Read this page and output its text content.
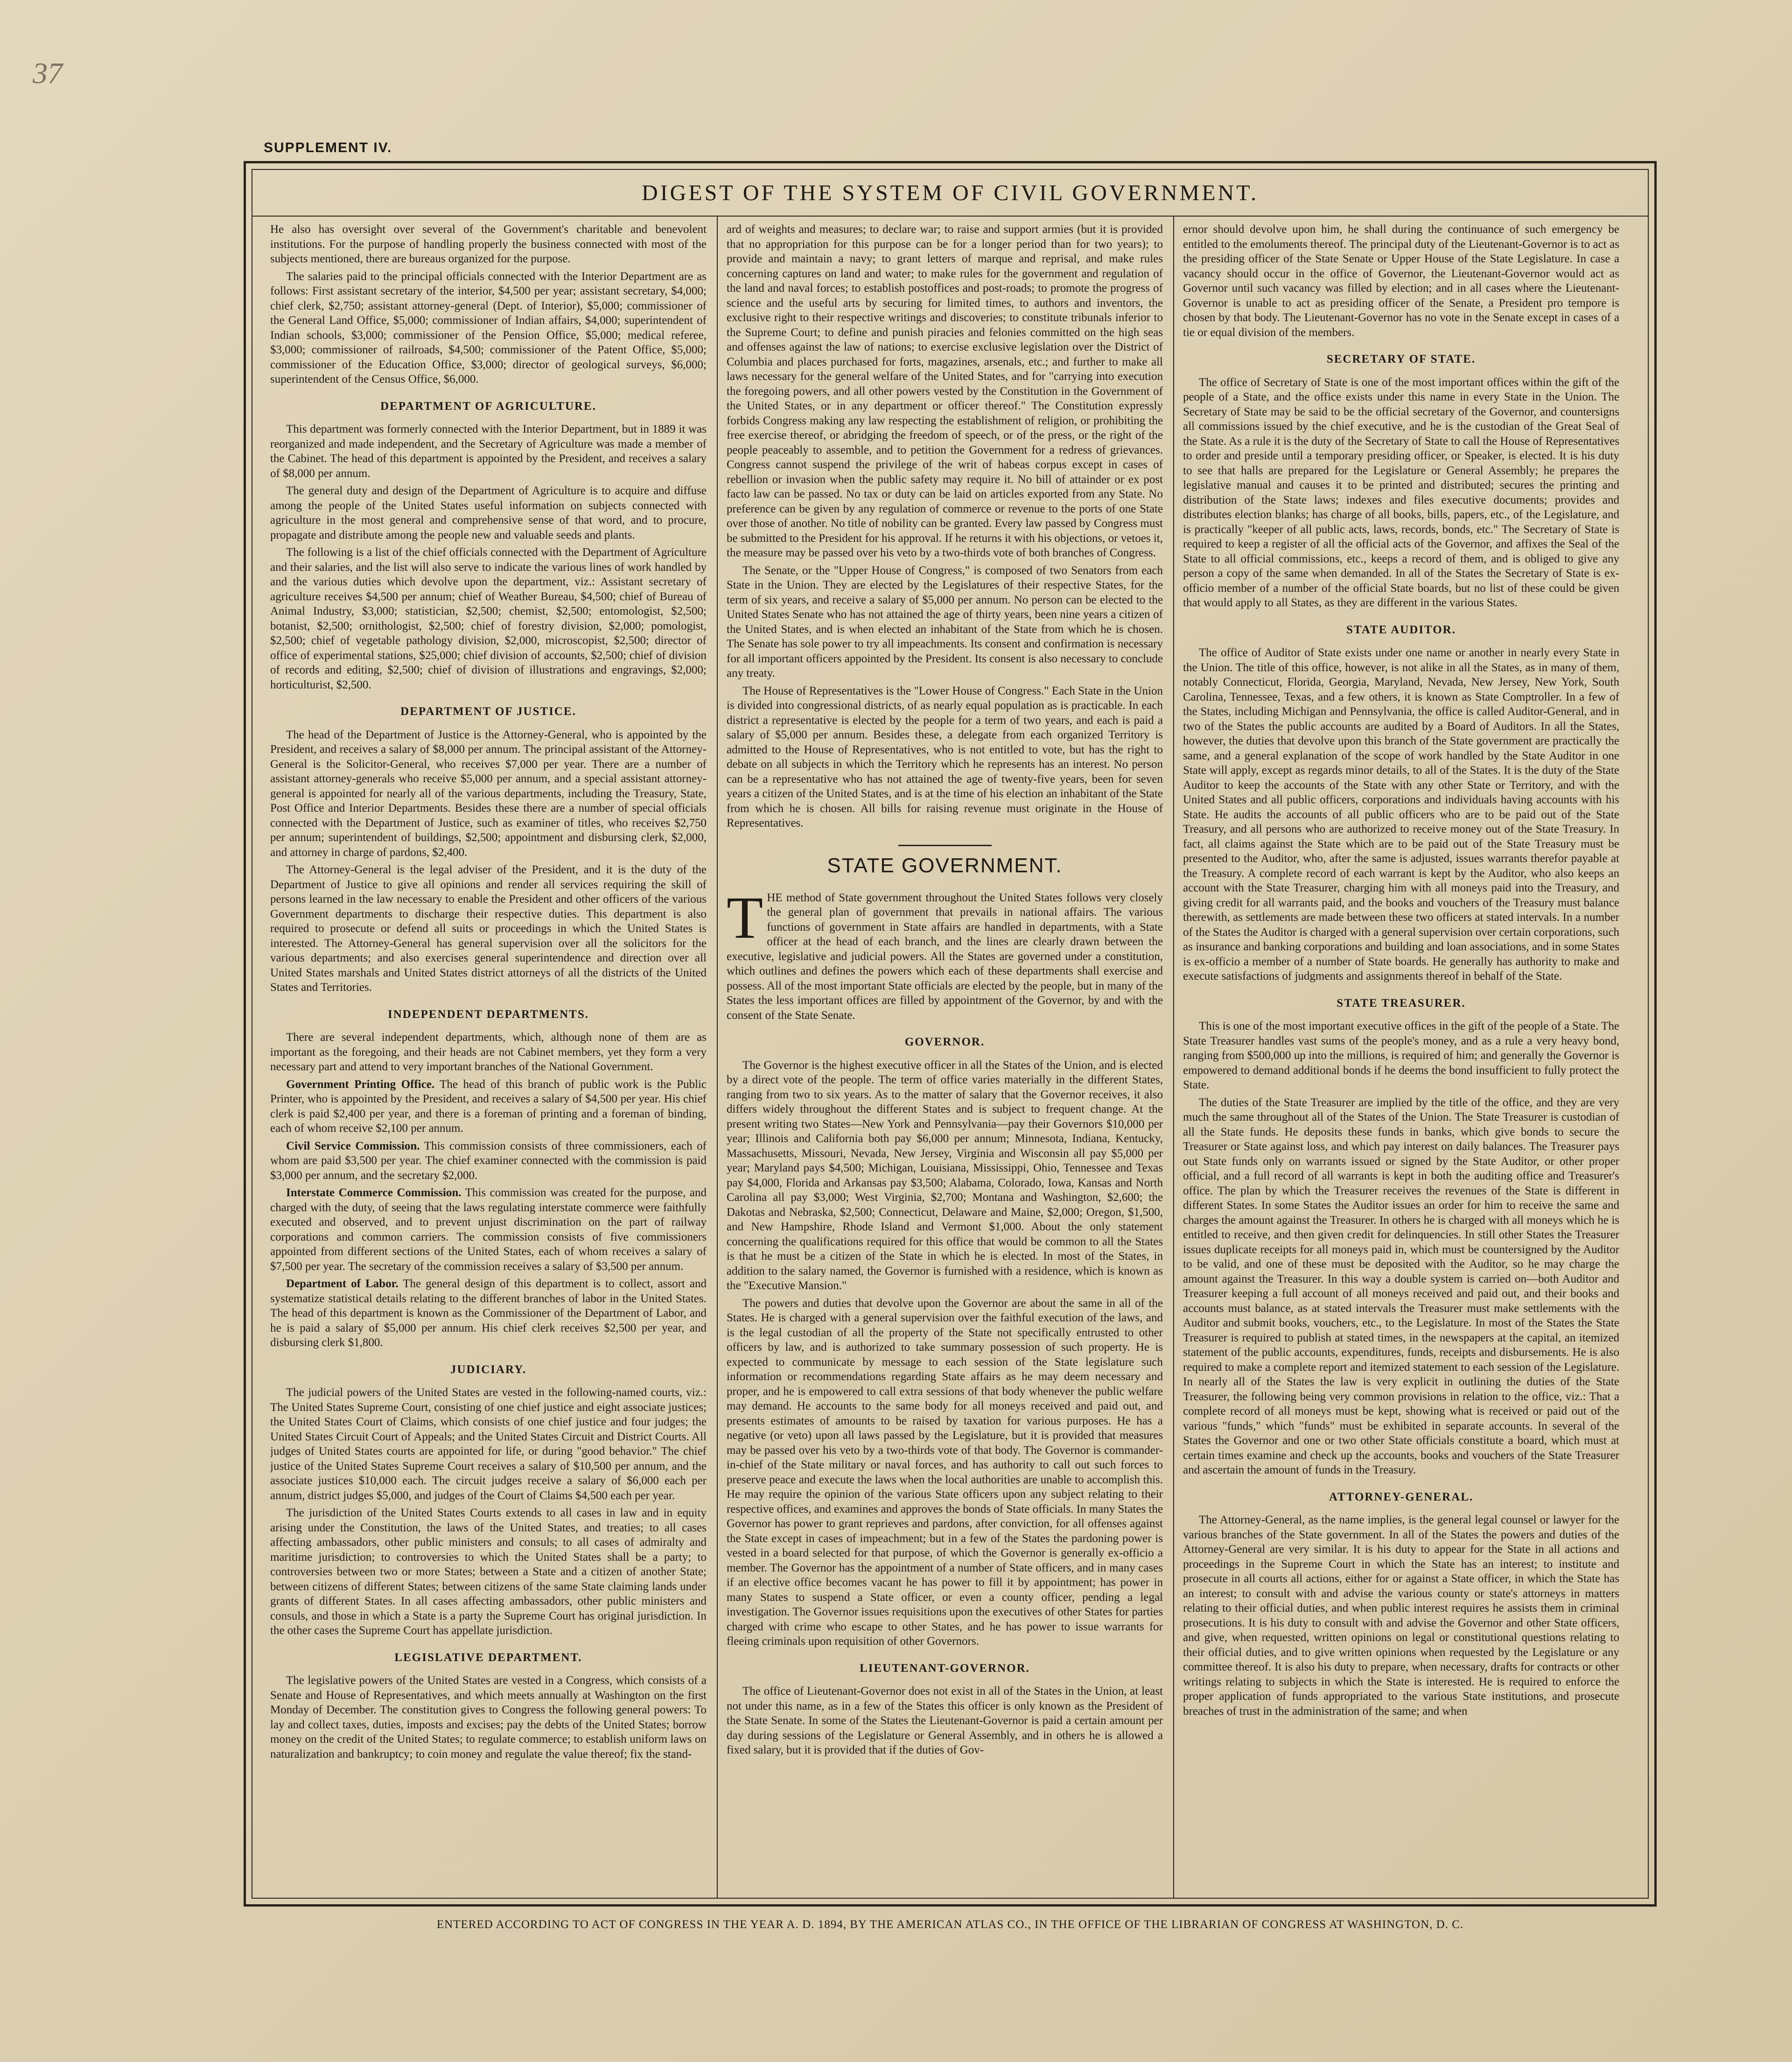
37
SUPPLEMENT IV.
DIGEST OF THE SYSTEM OF CIVIL GOVERNMENT.

He also has oversight over several of the Government's charitable and benevolent institutions. For the purpose of handling properly the business connected with most of the subjects mentioned, there are bureaus organized for the purpose.

The salaries paid to the principal officials connected with the Interior Department are as follows: First assistant secretary of the interior, $4,500 per year; assistant secretary, $4,000; chief clerk, $2,750; assistant attorney-general (Dept. of Interior), $5,000; commissioner of the General Land Office, $5,000; commissioner of Indian affairs, $4,000; superintendent of Indian schools, $3,000; commissioner of the Pension Office, $5,000; medical referee, $3,000; commissioner of railroads, $4,500; commissioner of the Patent Office, $5,000; commissioner of the Education Office, $3,000; director of geological surveys, $6,000; superintendent of the Census Office, $6,000.

DEPARTMENT OF AGRICULTURE.

This department was formerly connected with the Interior Department, but in 1889 it was reorganized and made independent, and the Secretary of Agriculture was made a member of the Cabinet. The head of this department is appointed by the President, and receives a salary of $8,000 per annum.

The general duty and design of the Department of Agriculture is to acquire and diffuse among the people of the United States useful information on subjects connected with agriculture in the most general and comprehensive sense of that word, and to procure, propagate and distribute among the people new and valuable seeds and plants.

The following is a list of the chief officials connected with the Department of Agriculture and their salaries, and the list will also serve to indicate the various lines of work handled by and the various duties which devolve upon the department, viz.: Assistant secretary of agriculture receives $4,500 per annum; chief of Weather Bureau, $4,500; chief of Bureau of Animal Industry, $3,000; statistician, $2,500; chemist, $2,500; entomologist, $2,500; botanist, $2,500; ornithologist, $2,500; chief of forestry division, $2,000; pomologist, $2,500; chief of vegetable pathology division, $2,000, microscopist, $2,500; director of office of experimental stations, $25,000; chief division of accounts, $2,500; chief of division of records and editing, $2,500; chief of division of illustrations and engravings, $2,000; horticulturist, $2,500.

DEPARTMENT OF JUSTICE.

The head of the Department of Justice is the Attorney-General, who is appointed by the President, and receives a salary of $8,000 per annum. The principal assistant of the Attorney-General is the Solicitor-General, who receives $7,000 per year. There are a number of assistant attorney-generals who receive $5,000 per annum, and a special assistant attorney-general is appointed for nearly all of the various departments, including the Treasury, State, Post Office and Interior Departments. Besides these there are a number of special officials connected with the Department of Justice, such as examiner of titles, who receives $2,750 per annum; superintendent of buildings, $2,500; appointment and disbursing clerk, $2,000, and attorney in charge of pardons, $2,400.

The Attorney-General is the legal adviser of the President, and it is the duty of the Department of Justice to give all opinions and render all services requiring the skill of persons learned in the law necessary to enable the President and other officers of the various Government departments to discharge their respective duties. This department is also required to prosecute or defend all suits or proceedings in which the United States is interested. The Attorney-General has general supervision over all the solicitors for the various departments; and also exercises general superintendence and direction over all United States marshals and United States district attorneys of all the districts of the United States and Territories.

INDEPENDENT DEPARTMENTS.

There are several independent departments, which, although none of them are as important as the foregoing, and their heads are not Cabinet members, yet they form a very necessary part and attend to very important branches of the National Government.

Government Printing Office. The head of this branch of public work is the Public Printer, who is appointed by the President, and receives a salary of $4,500 per year. His chief clerk is paid $2,400 per year, and there is a foreman of printing and a foreman of binding, each of whom receive $2,100 per annum.

Civil Service Commission. This commission consists of three commissioners, each of whom are paid $3,500 per year. The chief examiner connected with the commission is paid $3,000 per annum, and the secretary $2,000.

Interstate Commerce Commission. This commission was created for the purpose, and charged with the duty, of seeing that the laws regulating interstate commerce were faithfully executed and observed, and to prevent unjust discrimination on the part of railway corporations and common carriers. The commission consists of five commissioners appointed from different sections of the United States, each of whom receives a salary of $7,500 per year. The secretary of the commission receives a salary of $3,500 per annum.

Department of Labor. The general design of this department is to collect, assort and systematize statistical details relating to the different branches of labor in the United States. The head of this department is known as the Commissioner of the Department of Labor, and he is paid a salary of $5,000 per annum. His chief clerk receives $2,500 per year, and disbursing clerk $1,800.

JUDICIARY.

The judicial powers of the United States are vested in the following-named courts, viz.: The United States Supreme Court, consisting of one chief justice and eight associate justices; the United States Court of Claims, which consists of one chief justice and four judges; the United States Circuit Court of Appeals; and the United States Circuit and District Courts. All judges of United States courts are appointed for life, or during "good behavior." The chief justice of the United States Supreme Court receives a salary of $10,500 per annum, and the associate justices $10,000 each. The circuit judges receive a salary of $6,000 each per annum, district judges $5,000, and judges of the Court of Claims $4,500 each per year.

The jurisdiction of the United States Courts extends to all cases in law and in equity arising under the Constitution, the laws of the United States, and treaties; to all cases affecting ambassadors, other public ministers and consuls; to all cases of admiralty and maritime jurisdiction; to controversies to which the United States shall be a party; to controversies between two or more States; between a State and a citizen of another State; between citizens of different States; between citizens of the same State claiming lands under grants of different States. In all cases affecting ambassadors, other public ministers and consuls, and those in which a State is a party the Supreme Court has original jurisdiction. In the other cases the Supreme Court has appellate jurisdiction.

LEGISLATIVE DEPARTMENT.

The legislative powers of the United States are vested in a Congress, which consists of a Senate and House of Representatives, and which meets annually at Washington on the first Monday of December. The constitution gives to Congress the following general powers: To lay and collect taxes, duties, imposts and excises; pay the debts of the United States; borrow money on the credit of the United States; to regulate commerce; to establish uniform laws on naturalization and bankruptcy; to coin money and regulate the value thereof; fix the stand-

ard of weights and measures; to declare war; to raise and support armies (but it is provided that no appropriation for this purpose can be for a longer period than for two years); to provide and maintain a navy; to grant letters of marque and reprisal, and make rules concerning captures on land and water; to make rules for the government and regulation of the land and naval forces; to establish postoffices and post-roads; to promote the progress of science and the useful arts by securing for limited times, to authors and inventors, the exclusive right to their respective writings and discoveries; to constitute tribunals inferior to the Supreme Court; to define and punish piracies and felonies committed on the high seas and offenses against the law of nations; to exercise exclusive legislation over the District of Columbia and places purchased for forts, magazines, arsenals, etc.; and further to make all laws necessary for the general welfare of the United States, and for "carrying into execution the foregoing powers, and all other powers vested by the Constitution in the Government of the United States, or in any department or officer thereof." The Constitution expressly forbids Congress making any law respecting the establishment of religion, or prohibiting the free exercise thereof, or abridging the freedom of speech, or of the press, or the right of the people peaceably to assemble, and to petition the Government for a redress of grievances. Congress cannot suspend the privilege of the writ of habeas corpus except in cases of rebellion or invasion when the public safety may require it. No bill of attainder or ex post facto law can be passed. No tax or duty can be laid on articles exported from any State. No preference can be given by any regulation of commerce or revenue to the ports of one State over those of another. No title of nobility can be granted. Every law passed by Congress must be submitted to the President for his approval. If he returns it with his objections, or vetoes it, the measure may be passed over his veto by a two-thirds vote of both branches of Congress.

The Senate, or the "Upper House of Congress," is composed of two Senators from each State in the Union. They are elected by the Legislatures of their respective States, for the term of six years, and receive a salary of $5,000 per annum. No person can be elected to the United States Senate who has not attained the age of thirty years, been nine years a citizen of the United States, and is when elected an inhabitant of the State from which he is chosen. The Senate has sole power to try all impeachments. Its consent and confirmation is necessary for all important officers appointed by the President. Its consent is also necessary to conclude any treaty.

The House of Representatives is the "Lower House of Congress." Each State in the Union is divided into congressional districts, of as nearly equal population as is practicable. In each district a representative is elected by the people for a term of two years, and each is paid a salary of $5,000 per annum. Besides these, a delegate from each organized Territory is admitted to the House of Representatives, who is not entitled to vote, but has the right to debate on all subjects in which the Territory which he represents has an interest. No person can be a representative who has not attained the age of twenty-five years, been for seven years a citizen of the United States, and is at the time of his election an inhabitant of the State from which he is chosen. All bills for raising revenue must originate in the House of Representatives.

STATE GOVERNMENT.

THE method of State government throughout the United States follows very closely the general plan of government that prevails in national affairs. The various functions of government in State affairs are handled in departments, with a State officer at the head of each branch, and the lines are clearly drawn between the executive, legislative and judicial powers. All the States are governed under a constitution, which outlines and defines the powers which each of these departments shall exercise and possess. All of the most important State officials are elected by the people, but in many of the States the less important offices are filled by appointment of the Governor, by and with the consent of the State Senate.

GOVERNOR.

The Governor is the highest executive officer in all the States of the Union, and is elected by a direct vote of the people. The term of office varies materially in the different States, ranging from two to six years. As to the matter of salary that the Governor receives, it also differs widely throughout the different States and is subject to frequent change. At the present writing two States—New York and Pennsylvania—pay their Governors $10,000 per year; Illinois and California both pay $6,000 per annum; Minnesota, Indiana, Kentucky, Massachusetts, Missouri, Nevada, New Jersey, Virginia and Wisconsin all pay $5,000 per year; Maryland pays $4,500; Michigan, Louisiana, Mississippi, Ohio, Tennessee and Texas pay $4,000, Florida and Arkansas pay $3,500; Alabama, Colorado, Iowa, Kansas and North Carolina all pay $3,000; West Virginia, $2,700; Montana and Washington, $2,600; the Dakotas and Nebraska, $2,500; Connecticut, Delaware and Maine, $2,000; Oregon, $1,500, and New Hampshire, Rhode Island and Vermont $1,000. About the only statement concerning the qualifications required for this office that would be common to all the States is that he must be a citizen of the State in which he is elected. In most of the States, in addition to the salary named, the Governor is furnished with a residence, which is known as the "Executive Mansion."

The powers and duties that devolve upon the Governor are about the same in all of the States. He is charged with a general supervision over the faithful execution of the laws, and is the legal custodian of all the property of the State not specifically entrusted to other officers by law, and is authorized to take summary possession of such property. He is expected to communicate by message to each session of the State legislature such information or recommendations regarding State affairs as he may deem necessary and proper, and he is empowered to call extra sessions of that body whenever the public welfare may demand. He accounts to the same body for all moneys received and paid out, and presents estimates of amounts to be raised by taxation for various purposes. He has a negative (or veto) upon all laws passed by the Legislature, but it is provided that measures may be passed over his veto by a two-thirds vote of that body. The Governor is commander-in-chief of the State military or naval forces, and has authority to call out such forces to preserve peace and execute the laws when the local authorities are unable to accomplish this. He may require the opinion of the various State officers upon any subject relating to their respective offices, and examines and approves the bonds of State officials. In many States the Governor has power to grant reprieves and pardons, after conviction, for all offenses against the State except in cases of impeachment; but in a few of the States the pardoning power is vested in a board selected for that purpose, of which the Governor is generally ex-officio a member. The Governor has the appointment of a number of State officers, and in many cases if an elective office becomes vacant he has power to fill it by appointment; has power in many States to suspend a State officer, or even a county officer, pending a legal investigation. The Governor issues requisitions upon the executives of other States for parties charged with crime who escape to other States, and he has power to issue warrants for fleeing criminals upon requisition of other Governors.

LIEUTENANT-GOVERNOR.

The office of Lieutenant-Governor does not exist in all of the States in the Union, at least not under this name, as in a few of the States this officer is only known as the President of the State Senate. In some of the States the Lieutenant-Governor is paid a certain amount per day during sessions of the Legislature or General Assembly, and in others he is allowed a fixed salary, but it is provided that if the duties of Gov-

ernor should devolve upon him, he shall during the continuance of such emergency be entitled to the emoluments thereof. The principal duty of the Lieutenant-Governor is to act as the presiding officer of the State Senate or Upper House of the State Legislature. In case a vacancy should occur in the office of Governor, the Lieutenant-Governor would act as Governor until such vacancy was filled by election; and in all cases where the Lieutenant-Governor is unable to act as presiding officer of the Senate, a President pro tempore is chosen by that body. The Lieutenant-Governor has no vote in the Senate except in cases of a tie or equal division of the members.

SECRETARY OF STATE.

The office of Secretary of State is one of the most important offices within the gift of the people of a State, and the office exists under this name in every State in the Union. The Secretary of State may be said to be the official secretary of the Governor, and countersigns all commissions issued by the chief executive, and he is the custodian of the Great Seal of the State. As a rule it is the duty of the Secretary of State to call the House of Representatives to order and preside until a temporary presiding officer, or Speaker, is elected. It is his duty to see that halls are prepared for the Legislature or General Assembly; he prepares the legislative manual and causes it to be printed and distributed; secures the printing and distribution of the State laws; indexes and files executive documents; provides and distributes election blanks; has charge of all books, bills, papers, etc., of the Legislature, and is practically "keeper of all public acts, laws, records, bonds, etc." The Secretary of State is required to keep a register of all the official acts of the Governor, and affixes the Seal of the State to all official commissions, etc., keeps a record of them, and is obliged to give any person a copy of the same when demanded. In all of the States the Secretary of State is ex-officio member of a number of the official State boards, but no list of these could be given that would apply to all States, as they are different in the various States.

STATE AUDITOR.

The office of Auditor of State exists under one name or another in nearly every State in the Union. The title of this office, however, is not alike in all the States, as in many of them, notably Connecticut, Florida, Georgia, Maryland, Nevada, New Jersey, New York, South Carolina, Tennessee, Texas, and a few others, it is known as State Comptroller. In a few of the States, including Michigan and Pennsylvania, the office is called Auditor-General, and in two of the States the public accounts are audited by a Board of Auditors. In all the States, however, the duties that devolve upon this branch of the State government are practically the same, and a general explanation of the scope of work handled by the State Auditor in one State will apply, except as regards minor details, to all of the States. It is the duty of the State Auditor to keep the accounts of the State with any other State or Territory, and with the United States and all public officers, corporations and individuals having accounts with his State. He audits the accounts of all public officers who are to be paid out of the State Treasury, and all persons who are authorized to receive money out of the State Treasury. In fact, all claims against the State which are to be paid out of the State Treasury must be presented to the Auditor, who, after the same is adjusted, issues warrants therefor payable at the Treasury. A complete record of each warrant is kept by the Auditor, who also keeps an account with the State Treasurer, charging him with all moneys paid into the Treasury, and giving credit for all warrants paid, and the books and vouchers of the Treasury must balance therewith, as settlements are made between these two officers at stated intervals. In a number of the States the Auditor is charged with a general supervision over certain corporations, such as insurance and banking corporations and building and loan associations, and in some States is ex-officio a member of a number of State boards. He generally has authority to make and execute satisfactions of judgments and assignments thereof in behalf of the State.

STATE TREASURER.

This is one of the most important executive offices in the gift of the people of a State. The State Treasurer handles vast sums of the people's money, and as a rule a very heavy bond, ranging from $500,000 up into the millions, is required of him; and generally the Governor is empowered to demand additional bonds if he deems the bond insufficient to fully protect the State.

The duties of the State Treasurer are implied by the title of the office, and they are very much the same throughout all of the States of the Union. The State Treasurer is custodian of all the State funds. He deposits these funds in banks, which give bonds to secure the Treasurer or State against loss, and which pay interest on daily balances. The Treasurer pays out State funds only on warrants issued or signed by the State Auditor, or other proper official, and a full record of all warrants is kept in both the auditing office and Treasurer's office. The plan by which the Treasurer receives the revenues of the State is different in different States. In some States the Auditor issues an order for him to receive the same and charges the amount against the Treasurer. In others he is charged with all moneys which he is entitled to receive, and then given credit for delinquencies. In still other States the Treasurer issues duplicate receipts for all moneys paid in, which must be countersigned by the Auditor to be valid, and one of these must be deposited with the Auditor, so he may charge the amount against the Treasurer. In this way a double system is carried on—both Auditor and Treasurer keeping a full account of all moneys received and paid out, and their books and accounts must balance, as at stated intervals the Treasurer must make settlements with the Auditor and submit books, vouchers, etc., to the Legislature. In most of the States the State Treasurer is required to publish at stated times, in the newspapers at the capital, an itemized statement of the public accounts, expenditures, funds, receipts and disbursements. He is also required to make a complete report and itemized statement to each session of the Legislature. In nearly all of the States the law is very explicit in outlining the duties of the State Treasurer, the following being very common provisions in relation to the office, viz.: That a complete record of all moneys must be kept, showing what is received or paid out of the various "funds," which "funds" must be exhibited in separate accounts. In several of the States the Governor and one or two other State officials constitute a board, which must at certain times examine and check up the accounts, books and vouchers of the State Treasurer and ascertain the amount of funds in the Treasury.

ATTORNEY-GENERAL.

The Attorney-General, as the name implies, is the general legal counsel or lawyer for the various branches of the State government. In all of the States the powers and duties of the Attorney-General are very similar. It is his duty to appear for the State in all actions and proceedings in the Supreme Court in which the State has an interest; to institute and prosecute in all courts all actions, either for or against a State officer, in which the State has an interest; to consult with and advise the various county or state's attorneys in matters relating to their official duties, and when public interest requires he assists them in criminal prosecutions. It is his duty to consult with and advise the Governor and other State officers, and give, when requested, written opinions on legal or constitutional questions relating to their official duties, and to give written opinions when requested by the Legislature or any committee thereof. It is also his duty to prepare, when necessary, drafts for contracts or other writings relating to subjects in which the State is interested. He is required to enforce the proper application of funds appropriated to the various State institutions, and prosecute breaches of trust in the administration of the same; and when

ENTERED ACCORDING TO ACT OF CONGRESS IN THE YEAR A. D. 1894, BY THE AMERICAN ATLAS CO., IN THE OFFICE OF THE LIBRARIAN OF CONGRESS AT WASHINGTON, D. C.
